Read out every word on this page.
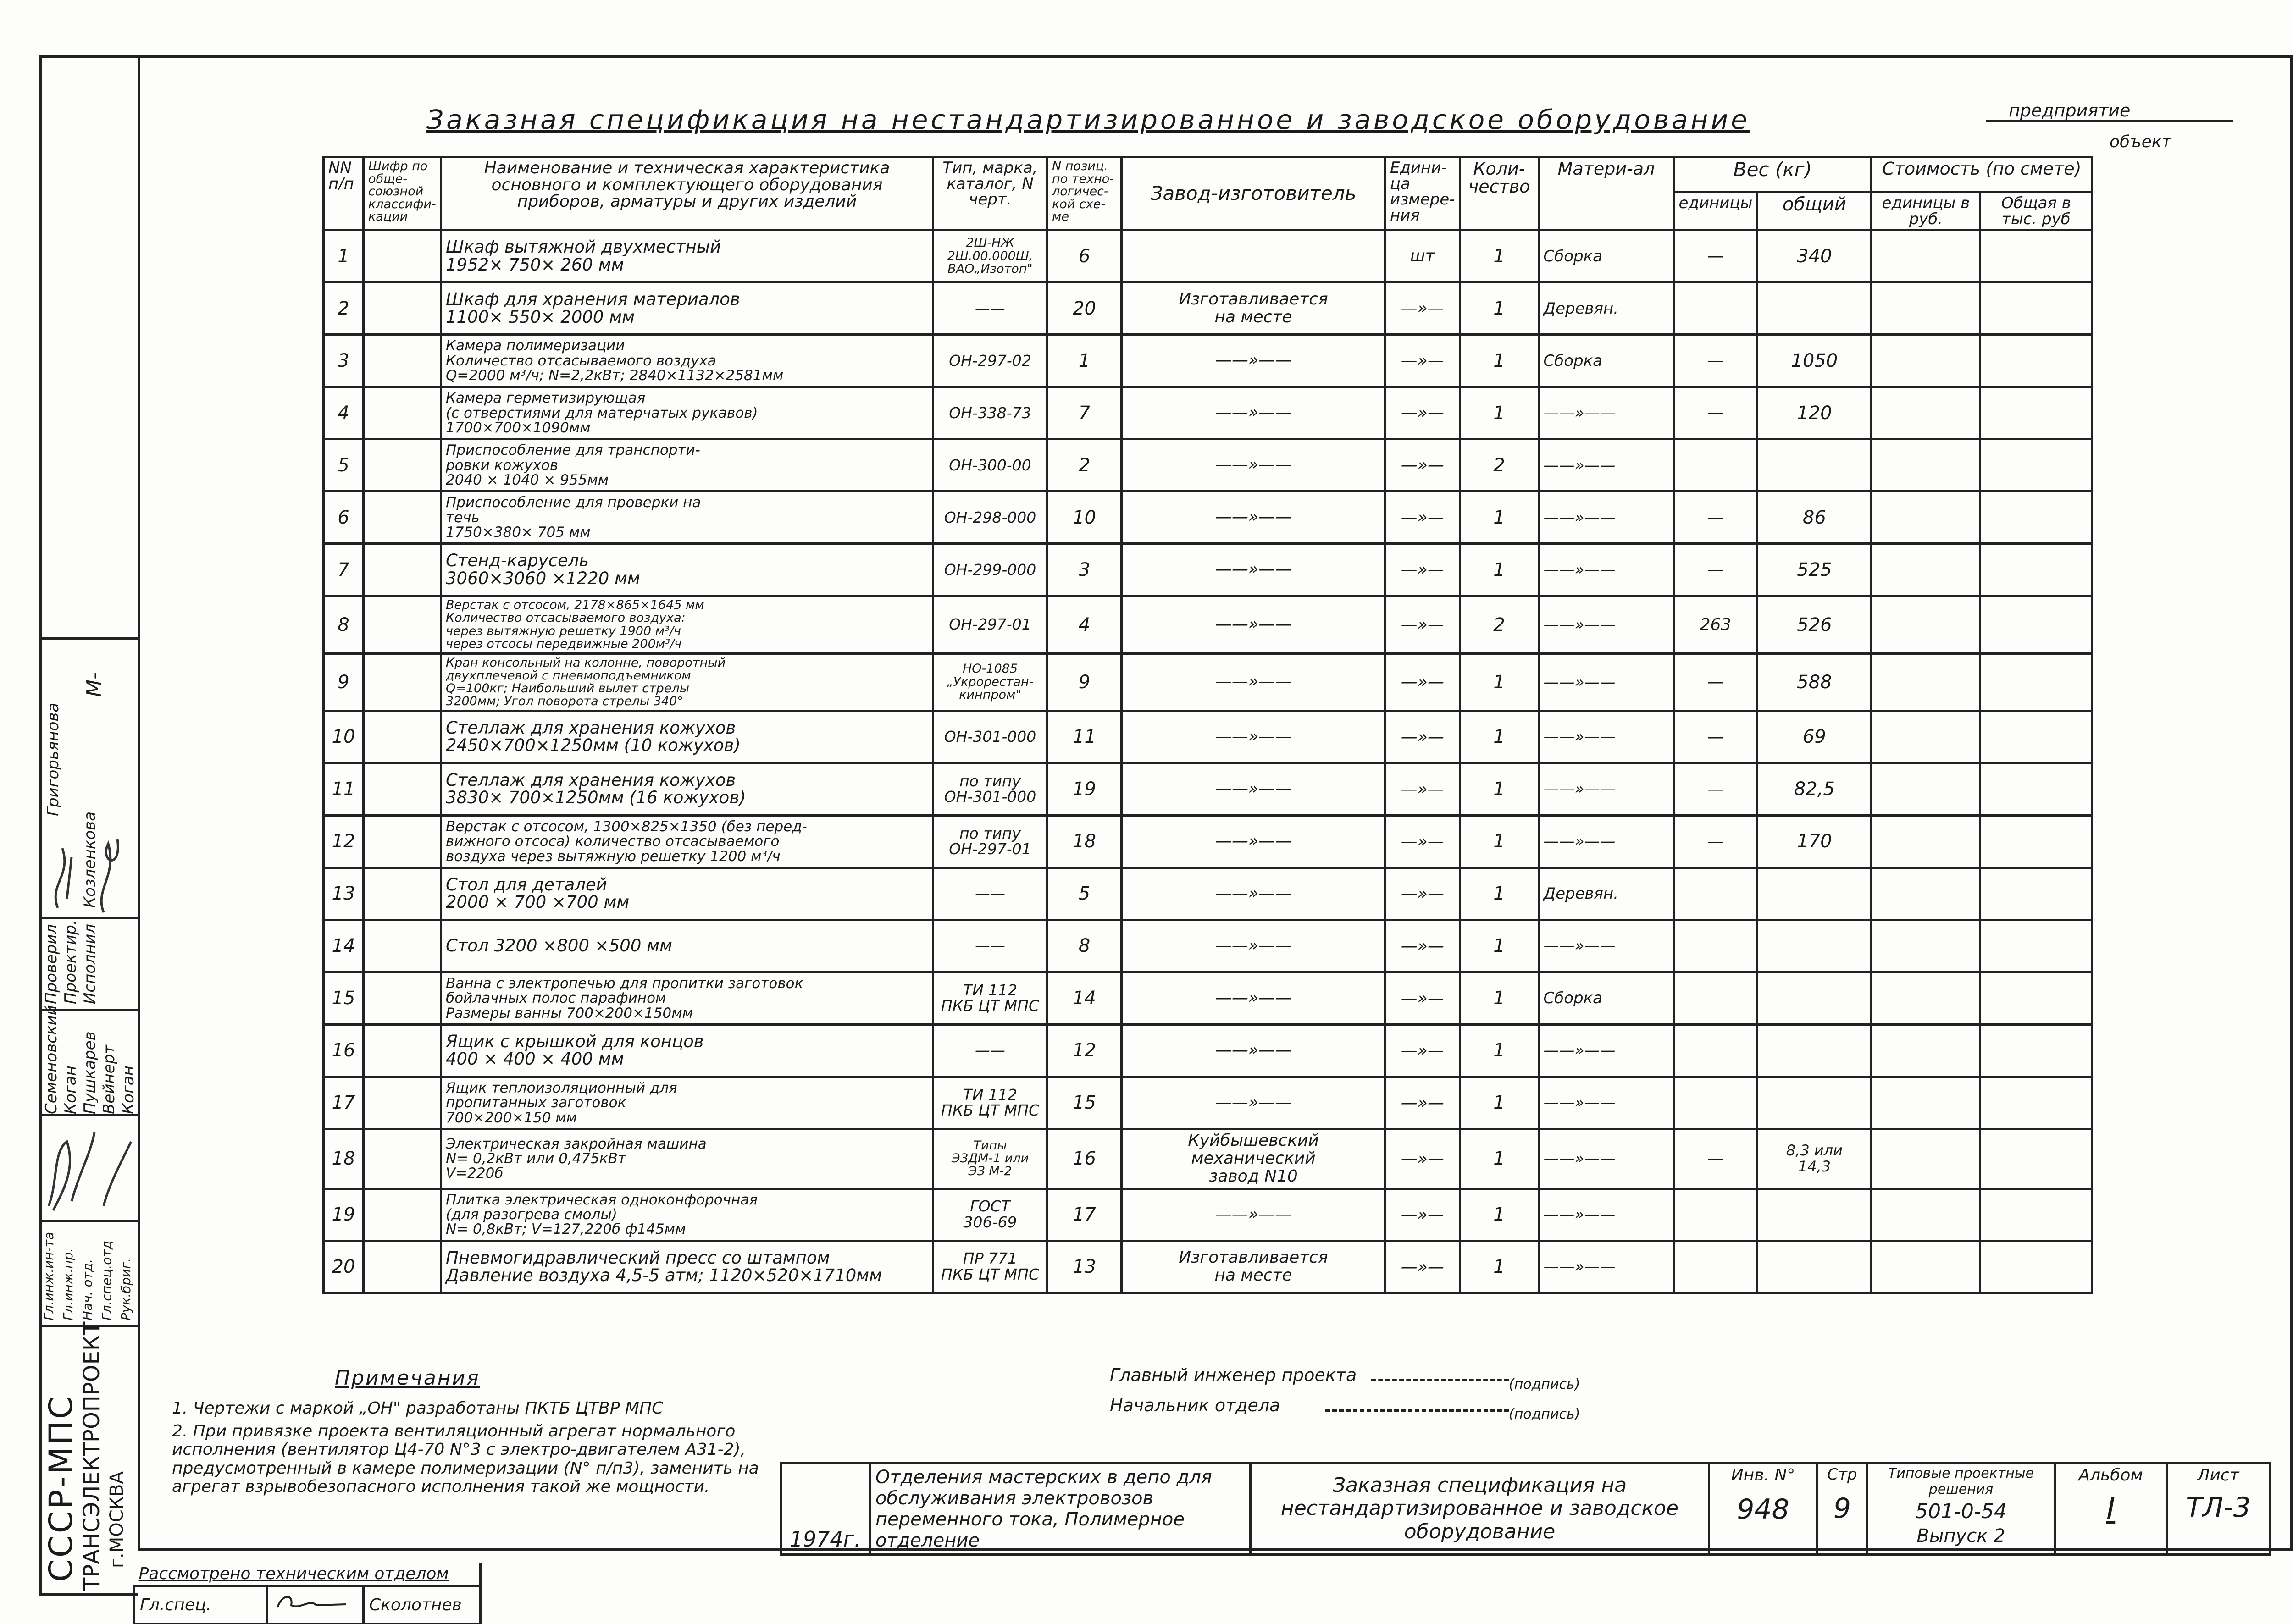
Заказная спецификация на нестандартизированное и заводское оборудование	предприятие
объект
NN п/п	Шифр по обще-союзной классифи-кации	Наименование и техническая характеристика основного и комплектующего оборудования приборов, арматуры и других изделий	Тип, марка, каталог, N черт.	N позиц. по техно-логичес-кой схе-ме	Завод-изготовитель	Едини-ца измере-ния	Коли-чество	Матери-ал	Вес (кг)		Стоимость (по смете)	
									единицы	общий	единицы в руб.	Общая в тыс. руб
1		Шкаф вытяжной двухместный
1952× 750× 260 мм	2Ш-НЖ
2Ш.00.000Ш,
ВАО„Изотоп"	6		шт	1	Сборка	—	340		
2		Шкаф для хранения материалов
1100× 550× 2000 мм	——	20	Изготавливается
на месте	—»—	1	Деревян.				
3		Камера полимеризации
Количество отсасываемого воздуха
Q=2000 м³/ч; N=2,2кВт; 2840×1132×2581мм	ОН-297-02	1	——»——	—»—	1	Сборка	—	1050		
4		Камера герметизирующая
(с отверстиями для матерчатых рукавов)
1700×700×1090мм	ОН-338-73	7	——»——	—»—	1	——»——	—	120		
5		Приспособление для транспорти-
ровки кожухов
2040 × 1040 × 955мм	ОН-300-00	2	——»——	—»—	2	——»——				
6		Приспособление для проверки на
течь
1750×380× 705 мм	ОН-298-000	10	——»——	—»—	1	——»——	—	86		
7		Стенд-карусель
3060×3060 ×1220 мм	ОН-299-000	3	——»——	—»—	1	——»——	—	525		
8		Верстак с отсосом, 2178×865×1645 мм
Количество отсасываемого воздуха:
через вытяжную решетку 1900 м³/ч
через отсосы передвижные 200м³/ч	ОН-297-01	4	——»——	—»—	2	——»——	263	526		
9		Кран консольный на колонне, поворотный
двухплечевой с пневмоподъемником
Q=100кг; Наибольший вылет стрелы
3200мм; Угол поворота стрелы 340°	НО-1085
„Укрорестан-
кинпром"	9	——»——	—»—	1	——»——	—	588		
10		Стеллаж для хранения кожухов
2450×700×1250мм (10 кожухов)	ОН-301-000	11	——»——	—»—	1	——»——	—	69		
11		Стеллаж для хранения кожухов
3830× 700×1250мм (16 кожухов)	по типу
ОН-301-000	19	——»——	—»—	1	——»——	—	82,5		
12		Верстак с отсосом, 1300×825×1350 (без перед-
вижного отсоса) количество отсасываемого
воздуха через вытяжную решетку 1200 м³/ч	по типу
ОН-297-01	18	——»——	—»—	1	——»——	—	170		
13		Стол для деталей
2000 × 700 ×700 мм	——	5	——»——	—»—	1	Деревян.				
14		Стол 3200 ×800 ×500 мм	——	8	——»——	—»—	1	——»——				
15		Ванна с электропечью для пропитки заготовок
бойлачных полос парафином
Размеры ванны 700×200×150мм	ТИ 112
ПКБ ЦТ МПС	14	——»——	—»—	1	Сборка				
16		Ящик с крышкой для концов
400 × 400 × 400 мм	——	12	——»——	—»—	1	——»——				
17		Ящик теплоизоляционный для
пропитанных заготовок
700×200×150 мм	ТИ 112
ПКБ ЦТ МПС	15	——»——	—»—	1	——»——				
18		Электрическая закройная машина
N= 0,2кВт или 0,475кВт
V=220б	Типы
ЭЗДМ-1 или
ЭЗ М-2	16	Куйбышевский
механический
завод N10	—»—	1	——»——	—	8,3 или
14,3		
19		Плитка электрическая одноконфорочная
(для разогрева смолы)
N= 0,8кВт; V=127,220б ф145мм	ГОСТ
306-69	17	——»——	—»—	1	——»——				
20		Пневмогидравлический пресс со штампом
Давление воздуха 4,5-5 атм; 1120×520×1710мм	ПР 771
ПКБ ЦТ МПС	13	Изготавливается
на месте	—»—	1	——»——				
Примечания
1. Чертежи с маркой „ОН" разработаны ПКТБ ЦТВР МПС
2. При привязке проекта вентиляционный агрегат нормального исполнения (вентилятор Ц4-70 N°3 с электро-двигателем А31-2), предусмотренный в камере полимеризации (N° п/п3), заменить на агрегат взрывобезопасного исполнения такой же мощности.
Главный инженер проекта	(подпись)
Начальник отдела	(подпись)
1974г.	Отделения мастерских в депо для обслуживания электровозов переменного тока, Полимерное отделение	Заказная спецификация на нестандартизированное и заводское оборудование	
Инв. N°
948

Стр
9

Типовые проектные решения
501-0-54
Выпуск 2

Альбом
I

Лист
ТЛ-3
Рассмотрено техническим отделом
Гл.спец.		Сколотнев
СССР-МПС
ТРАНСЭЛЕКТРОПРОЕКТ г.МОСКВА
Гл.инж.ин-та Гл.инж.пр. Нач. отд. Гл.спец.отд Рук.бриг.
Проверил
Семеновский
Проектир.
Коган
Исполнил
Пушкарев Вейнерт Коган
Григорьянова
Козленкова
М-
